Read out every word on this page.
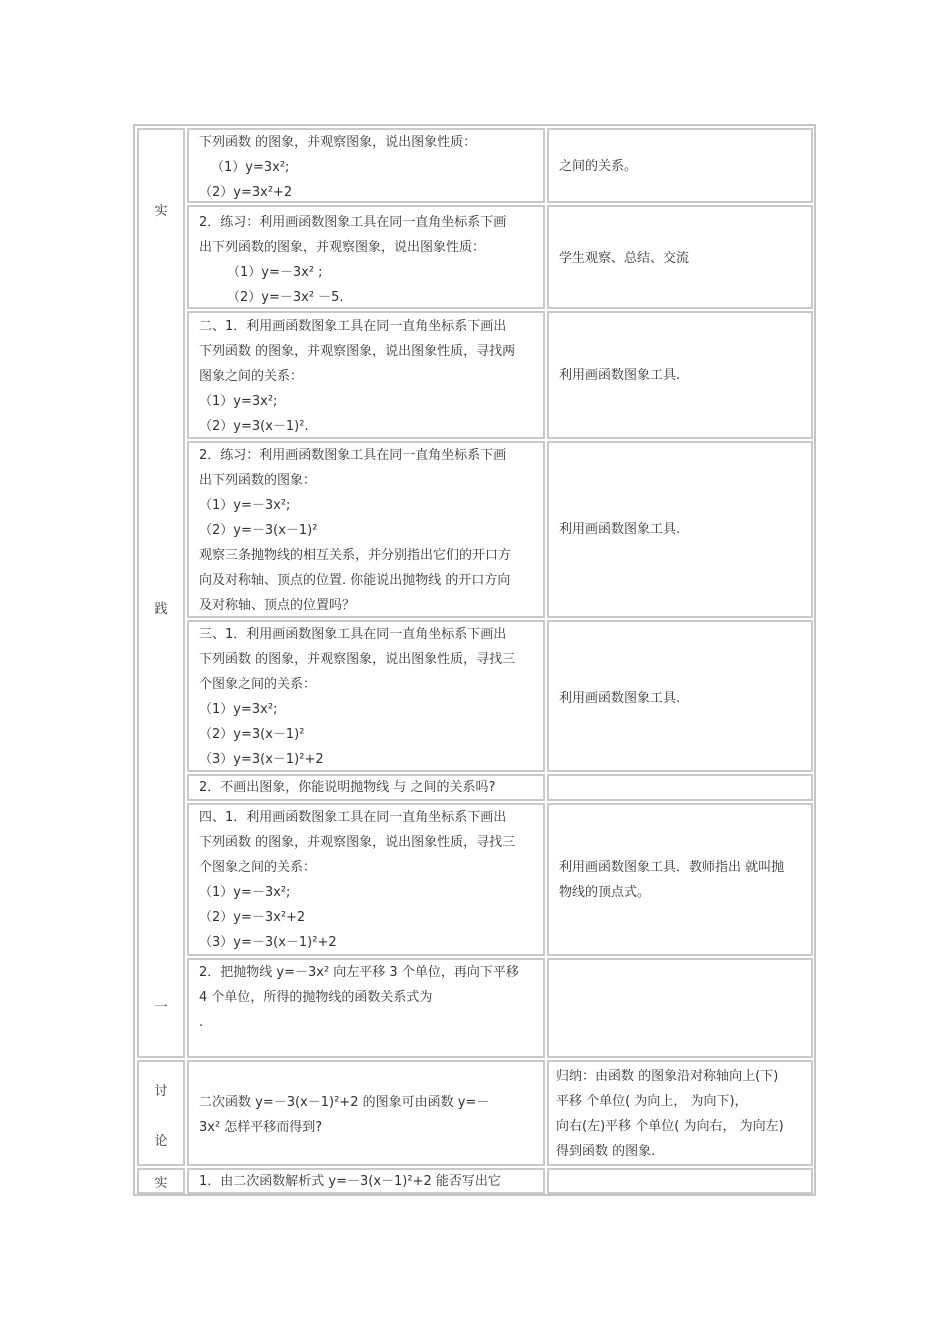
实
践
一
讨
论
实
下列函数 的图象，并观察图象，说出图象性质：
（1）y=3x²;
（2）y=3x²+2
之间的关系。
2．练习：利用画函数图象工具在同一直角坐标系下画
出下列函数的图象，并观察图象，说出图象性质：
（1）y=－3x² ;
（2）y=－3x² －5.
学生观察、总结、交流
二、1．利用画函数图象工具在同一直角坐标系下画出
下列函数 的图象，并观察图象，说出图象性质，寻找两
图象之间的关系：
（1）y=3x²;
（2）y=3(x－1)².
利用画函数图象工具.
2．练习：利用画函数图象工具在同一直角坐标系下画
出下列函数的图象：
（1）y=－3x²;
（2）y=－3(x－1)²
观察三条抛物线的相互关系，并分别指出它们的开口方
向及对称轴、顶点的位置. 你能说出抛物线 的开口方向
及对称轴、顶点的位置吗？
利用画函数图象工具.
三、1．利用画函数图象工具在同一直角坐标系下画出
下列函数 的图象，并观察图象，说出图象性质，寻找三
个图象之间的关系：
（1）y=3x²;
（2）y=3(x－1)²
（3）y=3(x－1)²+2
利用画函数图象工具.
2．不画出图象，你能说明抛物线 与 之间的关系吗?
四、1．利用画函数图象工具在同一直角坐标系下画出
下列函数 的图象，并观察图象，说出图象性质，寻找三
个图象之间的关系：
（1）y=－3x²;
（2）y=－3x²+2
（3）y=－3(x－1)²+2
利用画函数图象工具．教师指出 就叫抛
物线的顶点式。
2．把抛物线 y=－3x² 向左平移 3 个单位，再向下平移
4 个单位，所得的抛物线的函数关系式为
.
二次函数 y=－3(x－1)²+2 的图象可由函数 y=－
3x² 怎样平移而得到?
归纳：由函数 的图象沿对称轴向上(下)
平移 个单位( 为向上， 为向下)，
向右(左)平移 个单位( 为向右， 为向左)
得到函数 的图象.
1．由二次函数解析式 y=－3(x－1)²+2 能否写出它
